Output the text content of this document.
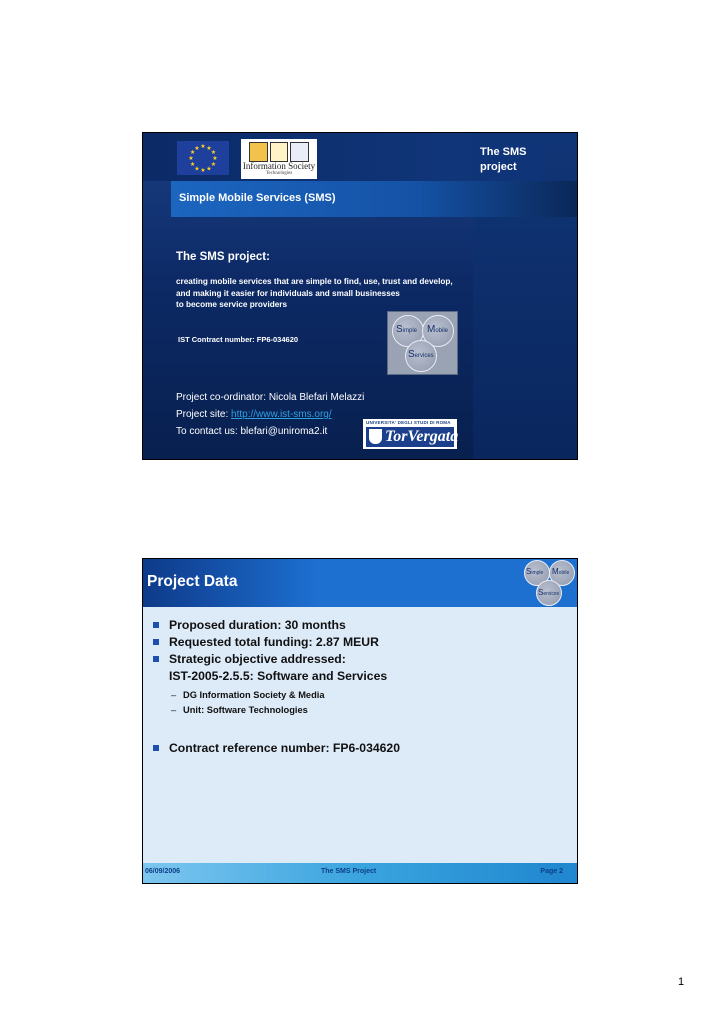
★ ★
★
★
★
★
★
★
★
★
★
★
Information Society
Technologies
The SMS
project
Simple Mobile Services (SMS)
The SMS project:
creating mobile services that are simple to find, use, trust and develop,
and making it easier for individuals and small businesses
to become service providers
IST Contract number: FP6-034620
Simple Mobile
Services
Project co-ordinator: Nicola Blefari Melazzi
Project site: http://www.ist-sms.org/
To contact us: blefari@uniroma2.it
UNIVERSITA' DEGLI STUDI DI ROMA
TorVergata
Project Data
Simple Mobile
Services
Proposed duration: 30 months
Requested total funding: 2.87 MEUR
Strategic objective addressed:
IST-2005-2.5.5: Software and Services
– DG Information Society & Media
– Unit: Software Technologies
Contract reference number: FP6-034620
06/09/2006	The SMS Project	Page 2
1
